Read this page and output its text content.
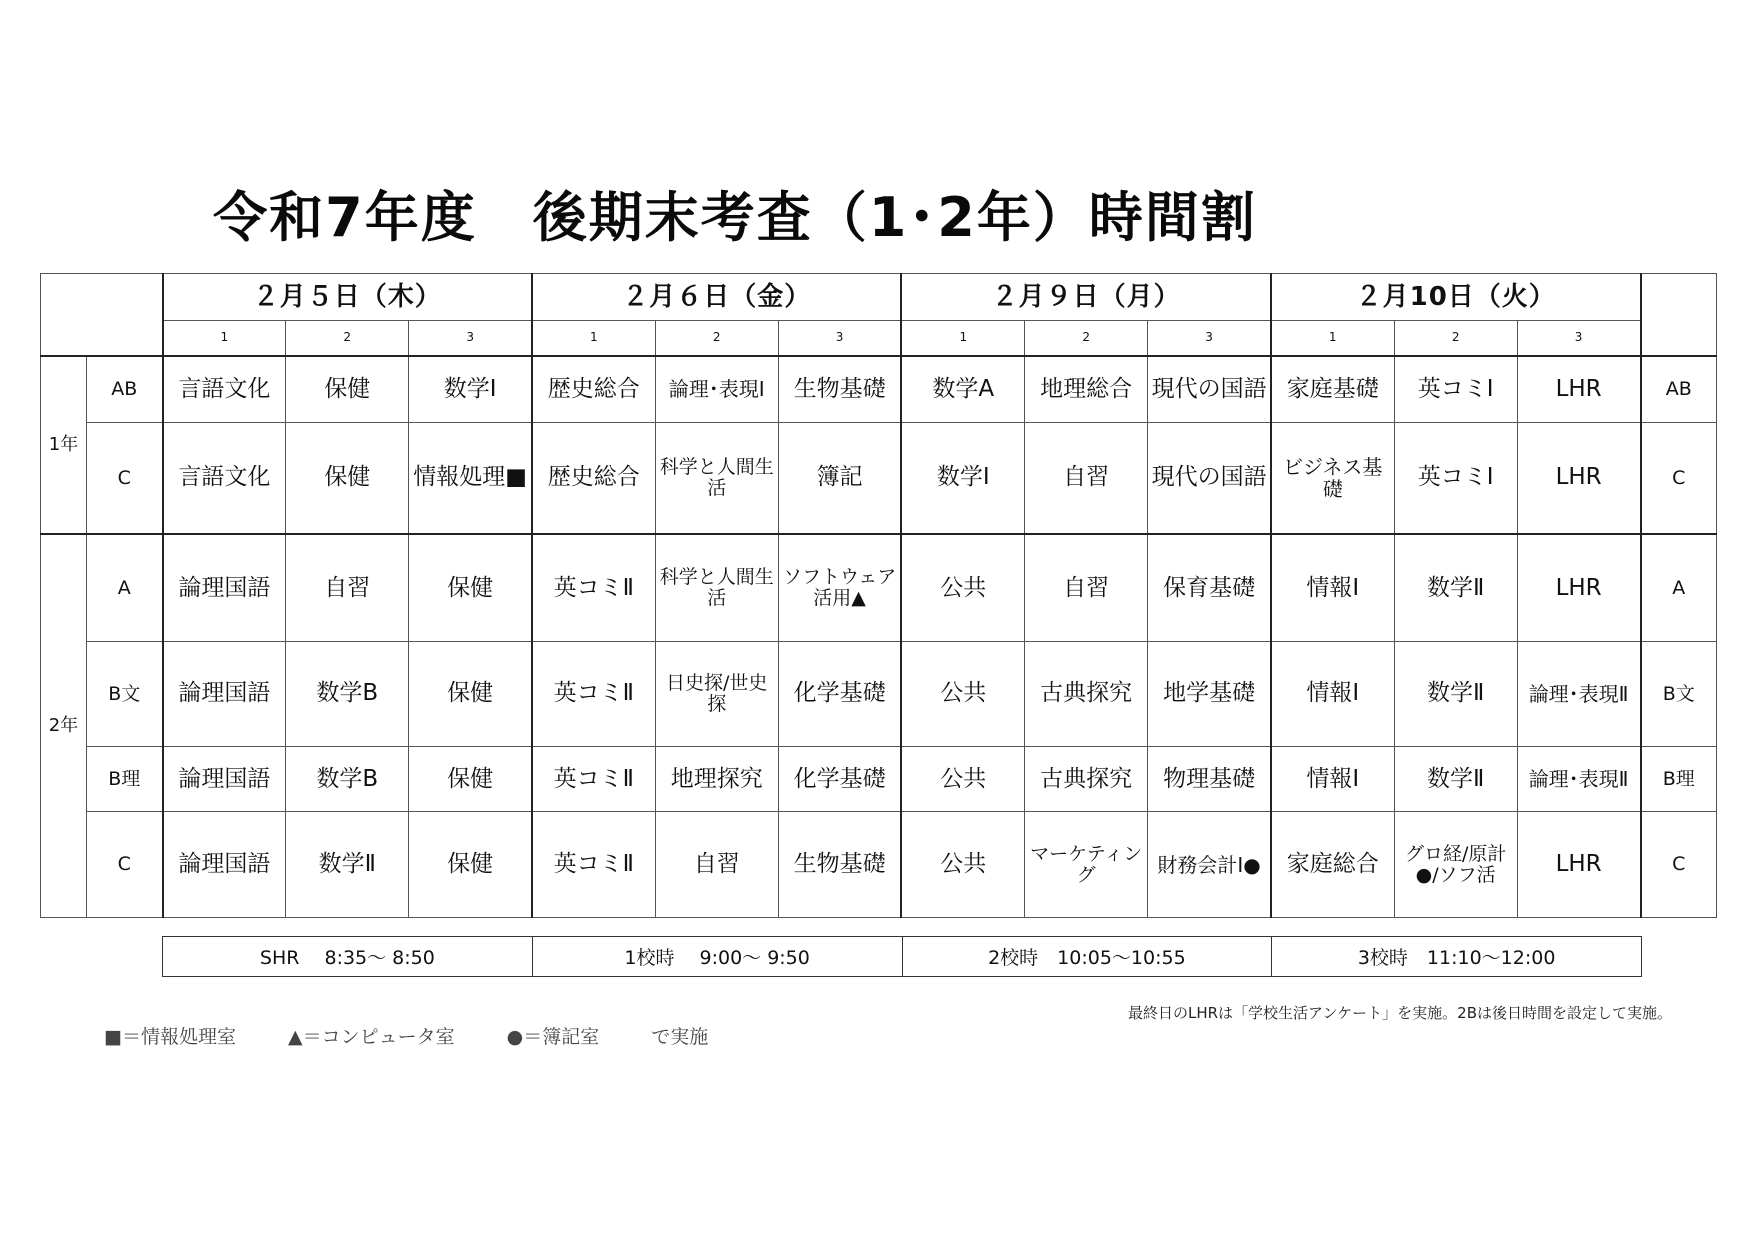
令和7年度　後期末考査（1･2年）時間割
		２月５日（木）			２月６日（金）			２月９日（月）			２月10日（火）			
		1	2	3	1	2	3	1	2	3	1	2	3	
1年	AB	言語文化	保健	数学Ⅰ	歴史総合	論理･表現Ⅰ	生物基礎	数学A	地理総合	現代の国語	家庭基礎	英コミⅠ	LHR	AB
	C	言語文化	保健	情報処理■	歴史総合	科学と人間生活	簿記	数学Ⅰ	自習	現代の国語	ビジネス基礎	英コミⅠ	LHR	C
2年	A	論理国語	自習	保健	英コミⅡ	科学と人間生活	ソフトウェア活用▲	公共	自習	保育基礎	情報Ⅰ	数学Ⅱ	LHR	A
	B文	論理国語	数学B	保健	英コミⅡ	日史探/世史探	化学基礎	公共	古典探究	地学基礎	情報Ⅰ	数学Ⅱ	論理･表現Ⅱ	B文
	B理	論理国語	数学B	保健	英コミⅡ	地理探究	化学基礎	公共	古典探究	物理基礎	情報Ⅰ	数学Ⅱ	論理･表現Ⅱ	B理
	C	論理国語	数学Ⅱ	保健	英コミⅡ	自習	生物基礎	公共	マーケティング	財務会計Ⅰ●	家庭総合	グロ経/原計●/ソフ活	LHR	C
SHR　 8:35～ 8:50	1校時　 9:00～ 9:50	2校時　10:05～10:55	3校時　11:10～12:00

■＝情報処理室	▲＝コンピュータ室	●＝簿記室	で実施

最終日のLHRは「学校生活アンケート」を実施。2Bは後日時間を設定して実施。
